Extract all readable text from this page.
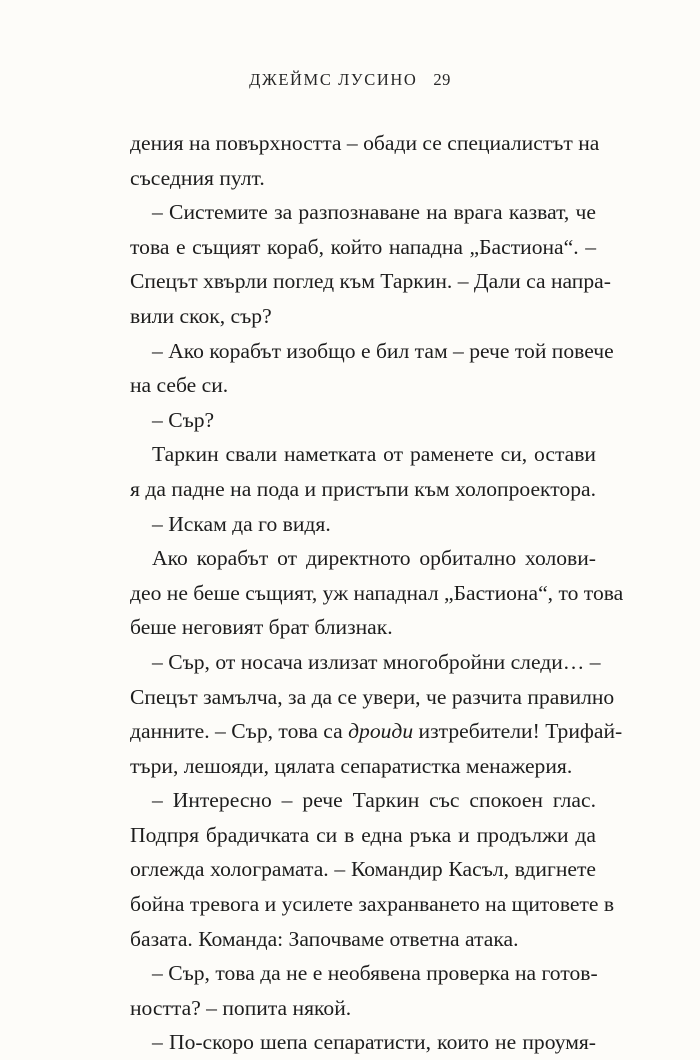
ДЖЕЙМС ЛУСИНО 29
дения на повърхността – обади се специалистът на
съседния пулт.
– Системите за разпознаване на врага казват, че
това е същият кораб, който нападна „Бастиона“. –
Спецът хвърли поглед към Таркин. – Дали са напра-
вили скок, сър?
– Ако корабът изобщо е бил там – рече той повече
на себе си.
– Сър?
Таркин свали наметката от раменете си, остави
я да падне на пода и пристъпи към холопроектора.
– Искам да го видя.
Ако корабът от директното орбитално холови-
део не беше същият, уж нападнал „Бастиона“, то това
беше неговият брат близнак.
– Сър, от носача излизат многобройни следи… –
Спецът замълча, за да се увери, че разчита правилно
данните. – Сър, това са дроиди изтребители! Трифай-
търи, лешояди, цялата сепаратистка менажерия.
– Интересно – рече Таркин със спокоен глас.
Подпря брадичката си в една ръка и продължи да
оглежда холограмата. – Командир Касъл, вдигнете
бойна тревога и усилете захранването на щитовете в
базата. Команда: Започваме ответна атака.
– Сър, това да не е необявена проверка на готов-
ността? – попита някой.
– По-скоро шепа сепаратисти, които не проумя-
